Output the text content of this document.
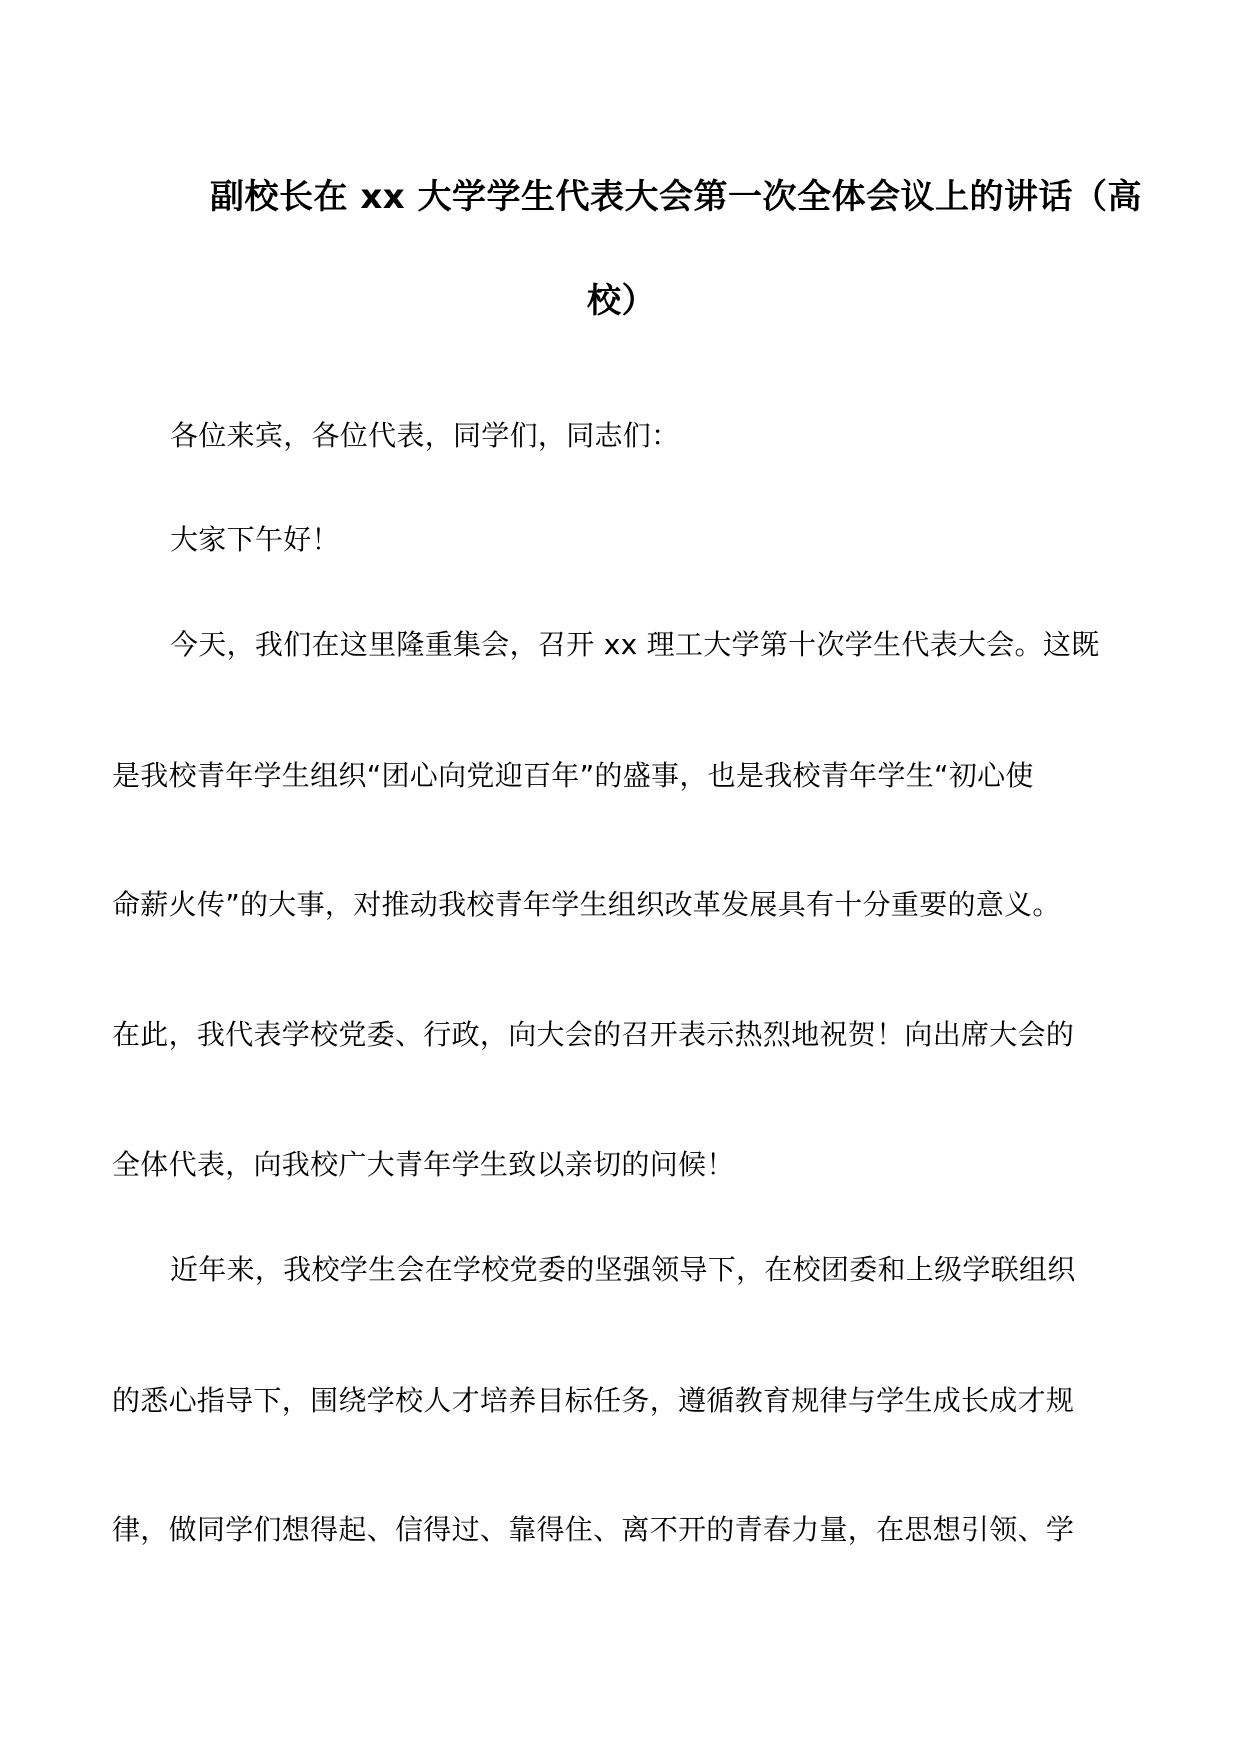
副校长在 xx 大学学生代表大会第一次全体会议上的讲话（高
校）
各位来宾，各位代表，同学们，同志们：
大家下午好！
今天，我们在这里隆重集会，召开 xx 理工大学第十次学生代表大会。这既
是我校青年学生组织“团心向党迎百年”的盛事，也是我校青年学生“初心使
命薪火传”的大事，对推动我校青年学生组织改革发展具有十分重要的意义。
在此，我代表学校党委、行政，向大会的召开表示热烈地祝贺！向出席大会的
全体代表，向我校广大青年学生致以亲切的问候！
近年来，我校学生会在学校党委的坚强领导下，在校团委和上级学联组织
的悉心指导下，围绕学校人才培养目标任务，遵循教育规律与学生成长成才规
律，做同学们想得起、信得过、靠得住、离不开的青春力量，在思想引领、学
